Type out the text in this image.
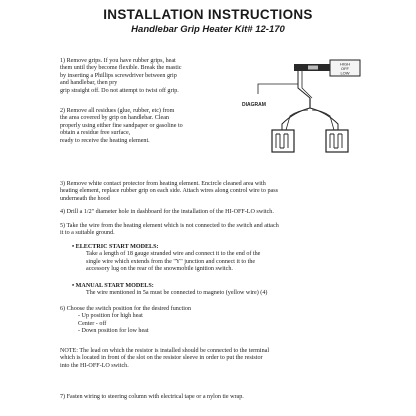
INSTALLATION INSTRUCTIONS
Handlebar Grip Heater Kit# 12-170

1) Remove grips. If you have rubber grips, heat

them until they become flexible. Break the mastic

by inserting a Phillips screwdriver between grip

and handlebar, then pry

grip straight off. Do not attempt to twist off grip.

2) Remove all residues (glue, rubber, etc) from

the area covered by grip on handlebar. Clean

properly using either fine sandpaper or gasoline to

obtain a residue free surface,

ready to receive the heating element.

HIGH
OFF
LOW
DIAGRAM

3) Remove white contact protector from heating element. Encircle cleaned area with

heating element, replace rubber grip on each side. Attach wires along control wire to pass

underneath the hood

4) Drill a 1/2" diameter hole in dashboard for the installation of the HI-OFF-LO switch.

5) Take the wire from the heating element which is not connected to the switch and attach

it to a suitable ground.

• ELECTRIC START MODELS:

Take a length of 18 gauge stranded wire and connect it to the end of the

single wire which extends from the "Y" junction and connect it to the

accessory lug on the rear of the snowmobile ignition switch.

• MANUAL START MODELS:

The wire mentioned in 5a must be connected to magneto (yellow wire) (4)

6) Choose the switch position for the desired function

- Up position for high heat

Center - off

- Down position for low heat

NOTE: The lead on which the resistor is installed should be connected to the terminal

which is located in front of the slot on the resistor sleeve in order to put the resistor

into the HI-OFF-LO switch.

7) Fasten wiring to steering column with electrical tape or a nylon tie wrap.
